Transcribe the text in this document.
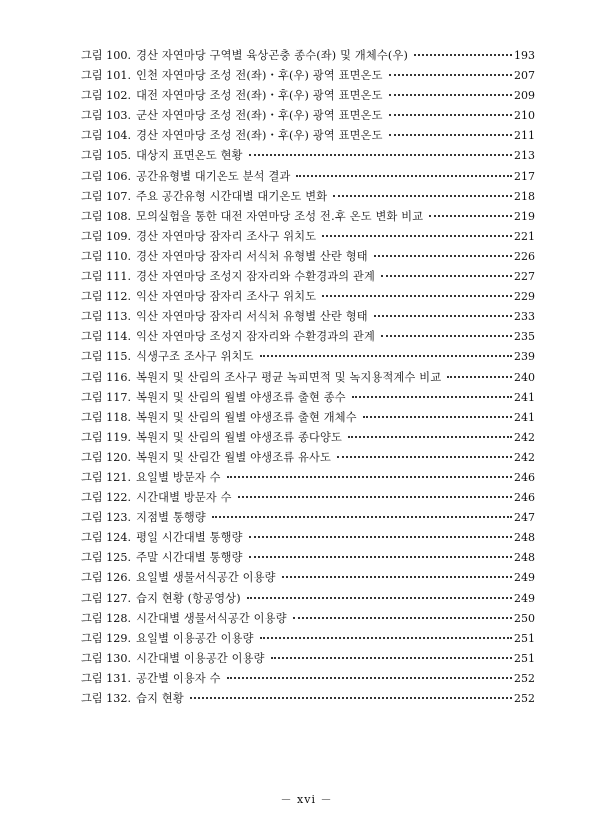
그림 100. 경산 자연마당 구역별 육상곤충 종수(좌) 및 개체수(우)	193
그림 101. 인천 자연마당 조성 전(좌)・후(우) 광역 표면온도	207
그림 102. 대전 자연마당 조성 전(좌)・후(우) 광역 표면온도	209
그림 103. 군산 자연마당 조성 전(좌)・후(우) 광역 표면온도	210
그림 104. 경산 자연마당 조성 전(좌)・후(우) 광역 표면온도	211
그림 105. 대상지 표면온도 현황	213
그림 106. 공간유형별 대기온도 분석 결과	217
그림 107. 주요 공간유형 시간대별 대기온도 변화	218
그림 108. 모의실험을 통한 대전 자연마당 조성 전․후 온도 변화 비교	219
그림 109. 경산 자연마당 잠자리 조사구 위치도	221
그림 110. 경산 자연마당 잠자리 서식처 유형별 산란 형태	226
그림 111. 경산 자연마당 조성지 잠자리와 수환경과의 관계	227
그림 112. 익산 자연마당 잠자리 조사구 위치도	229
그림 113. 익산 자연마당 잠자리 서식처 유형별 산란 형태	233
그림 114. 익산 자연마당 조성지 잠자리와 수환경과의 관계	235
그림 115. 식생구조 조사구 위치도	239
그림 116. 복원지 및 산림의 조사구 평균 녹피면적 및 녹지용적계수 비교	240
그림 117. 복원지 및 산림의 월별 야생조류 출현 종수	241
그림 118. 복원지 및 산림의 월별 야생조류 출현 개체수	241
그림 119. 복원지 및 산림의 월별 야생조류 종다양도	242
그림 120. 복원지 및 산림간 월별 야생조류 유사도	242
그림 121. 요일별 방문자 수	246
그림 122. 시간대별 방문자 수	246
그림 123. 지점별 통행량	247
그림 124. 평일 시간대별 통행량	248
그림 125. 주말 시간대별 통행량	248
그림 126. 요일별 생물서식공간 이용량	249
그림 127. 습지 현황 (항공영상)	249
그림 128. 시간대별 생물서식공간 이용량	250
그림 129. 요일별 이용공간 이용량	251
그림 130. 시간대별 이용공간 이용량	251
그림 131. 공간별 이용자 수	252
그림 132. 습지 현황	252
－ xvi －
